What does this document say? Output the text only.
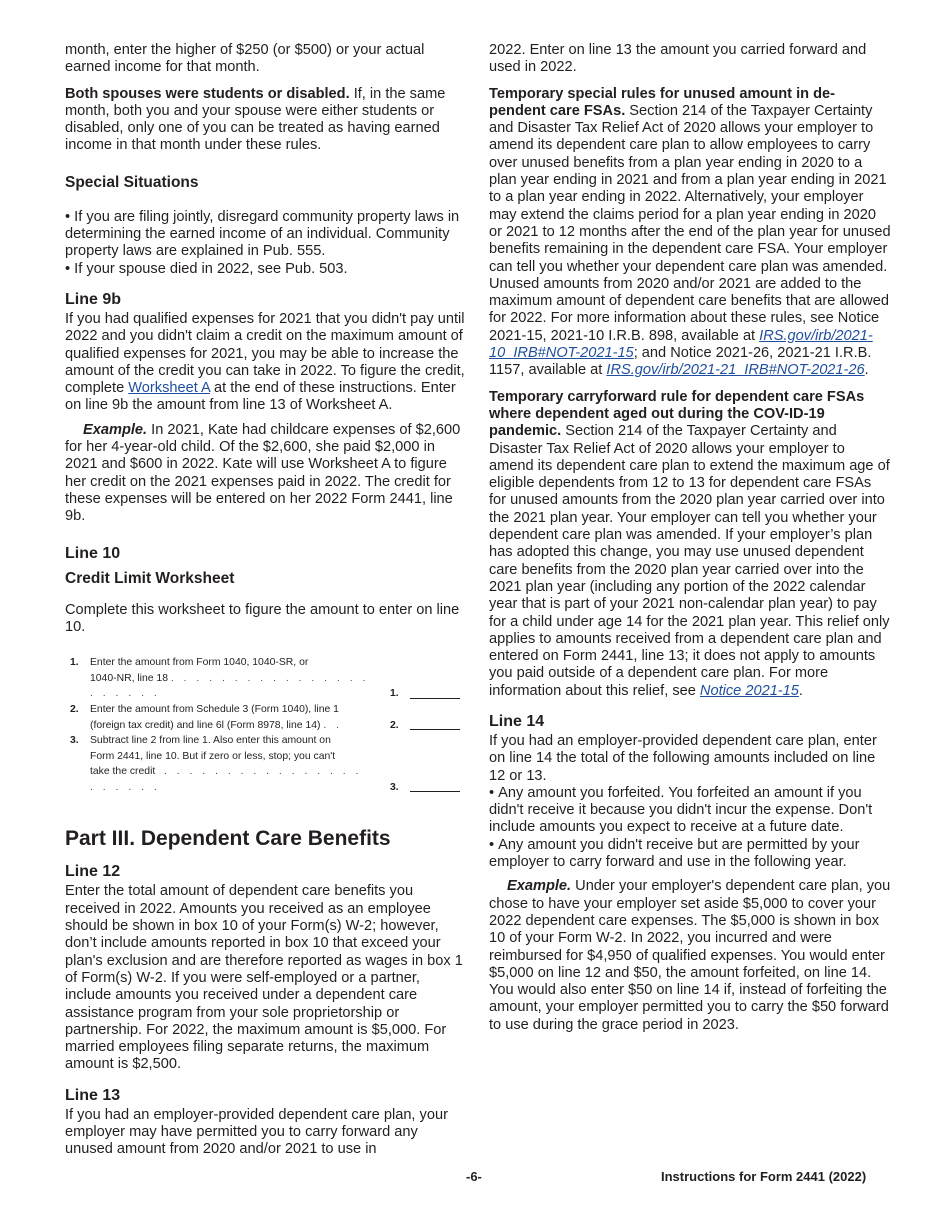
month, enter the higher of $250 (or $500) or your actual earned income for that month.

Both spouses were students or disabled. If, in the same month, both you and your spouse were either students or disabled, only one of you can be treated as having earned income in that month under these rules.

Special Situations

• If you are filing jointly, disregard community property laws in determining the earned income of an individual. Community property laws are explained in Pub. 555.

• If your spouse died in 2022, see Pub. 503.

Line 9b

If you had qualified expenses for 2021 that you didn't pay until 2022 and you didn't claim a credit on the maximum amount of qualified expenses for 2021, you may be able to increase the amount of the credit you can take in 2022. To figure the credit, complete Worksheet A at the end of these instructions. Enter on line 9b the amount from line 13 of Worksheet A.

Example. In 2021, Kate had childcare expenses of $2,600 for her 4-year-old child. Of the $2,600, she paid $2,000 in 2021 and $600 in 2022. Kate will use Worksheet A to figure her credit on the 2021 expenses paid in 2022. The credit for these expenses will be entered on her 2022 Form 2441, line 9b.

Line 10
Credit Limit Worksheet

Complete this worksheet to figure the amount to enter on line 10.

1.	Enter the amount from Form 1040, 1040-SR, or
1040-NR, line 18 . . . . . . . . . . . . . . . . . . . . . .	1.
2.	Enter the amount from Schedule 3 (Form 1040), line 1
(foreign tax credit) and line 6l (Form 8978, line 14) . .	2.
3.	Subtract line 2 from line 1. Also enter this amount on
Form 2441, line 10. But if zero or less, stop; you can't
take the credit . . . . . . . . . . . . . . . . . . . . . .	3.
Part III. Dependent Care Benefits
Line 12

Enter the total amount of dependent care benefits you received in 2022. Amounts you received as an employee should be shown in box 10 of your Form(s) W-2; however, don’t include amounts reported in box 10 that exceed your plan's exclusion and are therefore reported as wages in box 1 of Form(s) W-2. If you were self-employed or a partner, include amounts you received under a dependent care assistance program from your sole proprietorship or partnership. For 2022, the maximum amount is $5,000. For married employees filing separate returns, the maximum amount is $2,500.

Line 13

If you had an employer-provided dependent care plan, your employer may have permitted you to carry forward any unused amount from 2020 and/or 2021 to use in

2022. Enter on line 13 the amount you carried forward and used in 2022.

Temporary special rules for unused amount in de-pendent care FSAs. Section 214 of the Taxpayer Certainty and Disaster Tax Relief Act of 2020 allows your employer to amend its dependent care plan to allow employees to carry over unused benefits from a plan year ending in 2020 to a plan year ending in 2021 and from a plan year ending in 2021 to a plan year ending in 2022. Alternatively, your employer may extend the claims period for a plan year ending in 2020 or 2021 to 12 months after the end of the plan year for unused benefits remaining in the dependent care FSA. Your employer can tell you whether your dependent care plan was amended. Unused amounts from 2020 and/or 2021 are added to the maximum amount of dependent care benefits that are allowed for 2022. For more information about these rules, see Notice 2021-15, 2021-10 I.R.B. 898, available at IRS.gov/irb/2021-10_IRB#NOT-2021-15; and Notice 2021-26, 2021-21 I.R.B. 1157, available at IRS.gov/irb/2021-21_IRB#NOT-2021-26.

Temporary carryforward rule for dependent care FSAs where dependent aged out during the COV-ID-19 pandemic. Section 214 of the Taxpayer Certainty and Disaster Tax Relief Act of 2020 allows your employer to amend its dependent care plan to extend the maximum age of eligible dependents from 12 to 13 for dependent care FSAs for unused amounts from the 2020 plan year carried over into the 2021 plan year. Your employer can tell you whether your dependent care plan was amended. If your employer’s plan has adopted this change, you may use unused dependent care benefits from the 2020 plan year carried over into the 2021 plan year (including any portion of the 2022 calendar year that is part of your 2021 non-calendar plan year) to pay for a child under age 14 for the 2021 plan year. This relief only applies to amounts received from a dependent care plan and entered on Form 2441, line 13; it does not apply to amounts you paid outside of a dependent care plan. For more information about this relief, see Notice 2021-15.

Line 14

If you had an employer-provided dependent care plan, enter on line 14 the total of the following amounts included on line 12 or 13.

• Any amount you forfeited. You forfeited an amount if you didn't receive it because you didn't incur the expense. Don't include amounts you expect to receive at a future date.

• Any amount you didn't receive but are permitted by your employer to carry forward and use in the following year.

Example. Under your employer's dependent care plan, you chose to have your employer set aside $5,000 to cover your 2022 dependent care expenses. The $5,000 is shown in box 10 of your Form W-2. In 2022, you incurred and were reimbursed for $4,950 of qualified expenses. You would enter $5,000 on line 12 and $50, the amount forfeited, on line 14. You would also enter $50 on line 14 if, instead of forfeiting the amount, your employer permitted you to carry the $50 forward to use during the grace period in 2023.

-6-	Instructions for Form 2441 (2022)
